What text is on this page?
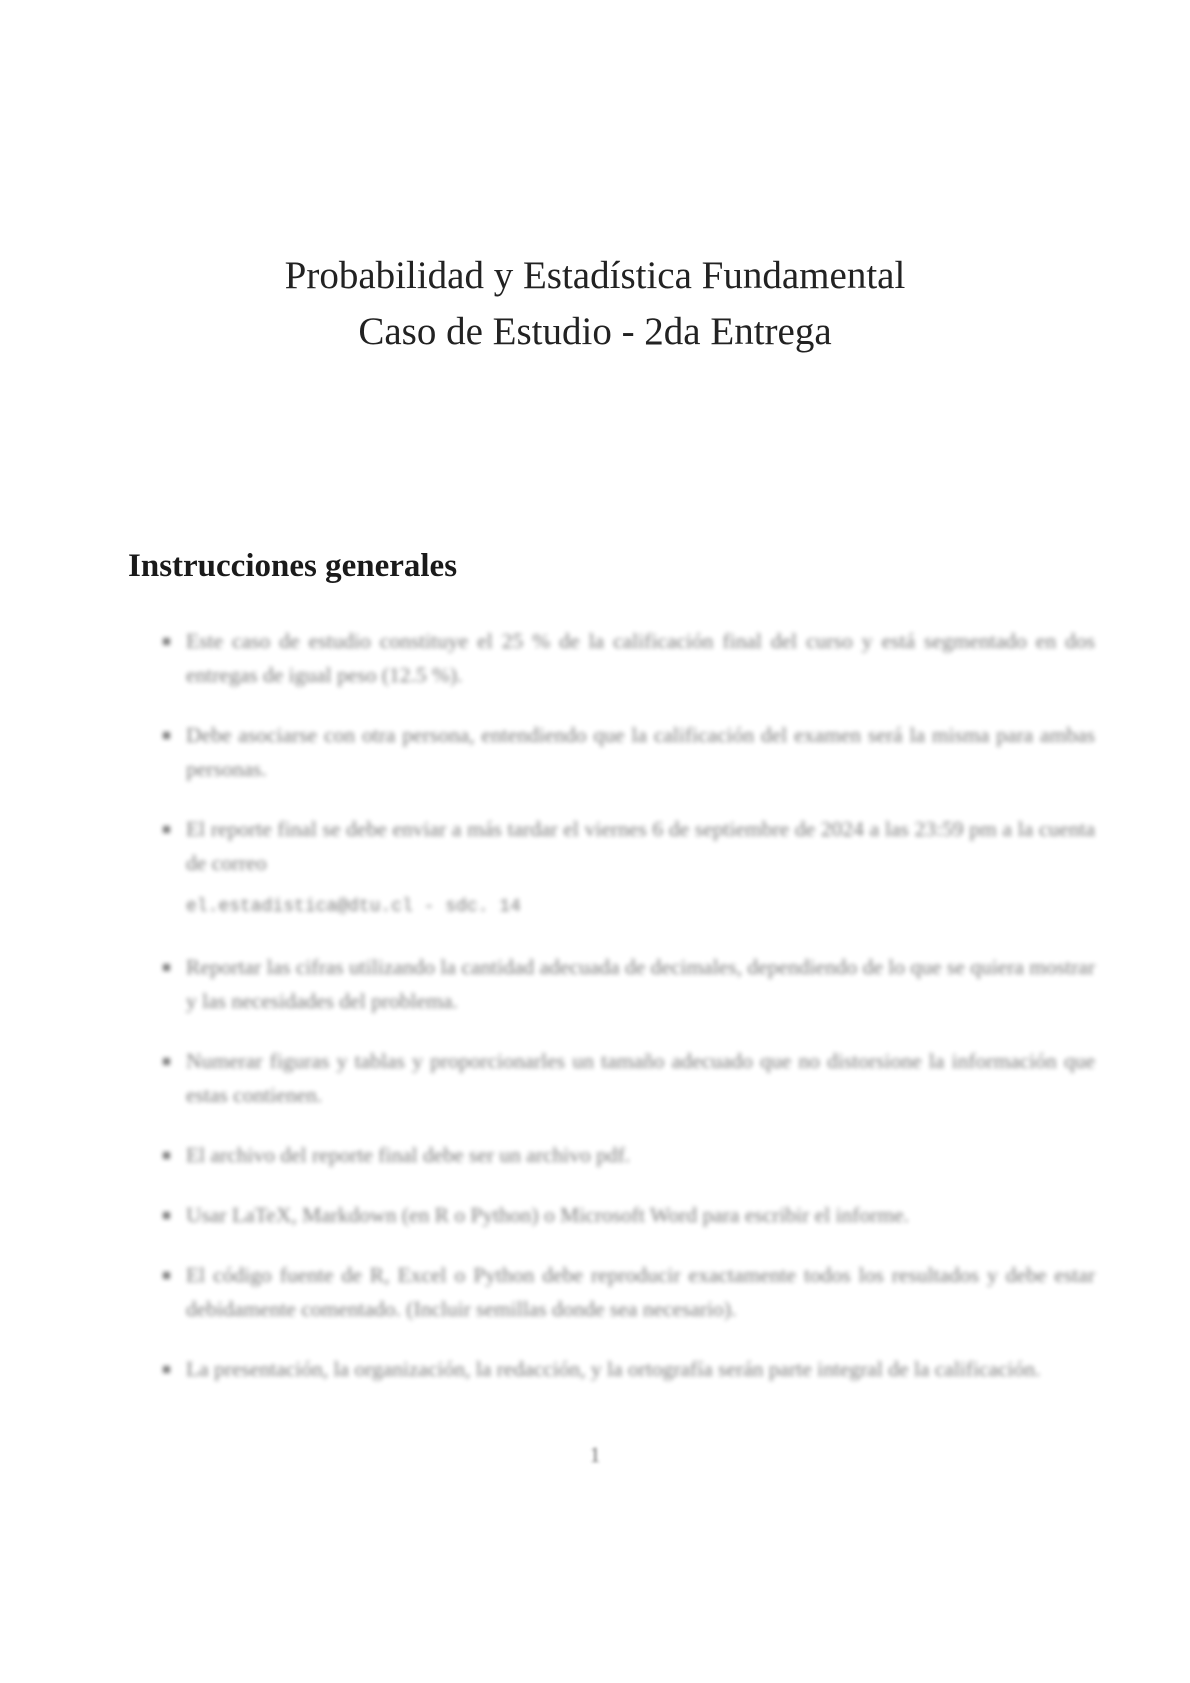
Probabilidad y Estadística Fundamental
Caso de Estudio - 2da Entrega
Instrucciones generales
Este caso de estudio constituye el 25 % de la calificación final del curso y está segmentado en dos entregas de igual peso (12.5 %).
Debe asociarse con otra persona, entendiendo que la calificación del examen será la misma para ambas personas.
El reporte final se debe enviar a más tardar el viernes 6 de septiembre de 2024 a las 23:59 pm a la cuenta de correo
el.estadistica@dtu.cl - sdc. 14
Reportar las cifras utilizando la cantidad adecuada de decimales, dependiendo de lo que se quiera mostrar y las necesidades del problema.
Numerar figuras y tablas y proporcionarles un tamaño adecuado que no distorsione la información que estas contienen.
El archivo del reporte final debe ser un archivo pdf.
Usar LaTeX, Markdown (en R o Python) o Microsoft Word para escribir el informe.
El código fuente de R, Excel o Python debe reproducir exactamente todos los resultados y debe estar debidamente comentado. (Incluir semillas donde sea necesario).
La presentación, la organización, la redacción, y la ortografía serán parte integral de la calificación.
1
